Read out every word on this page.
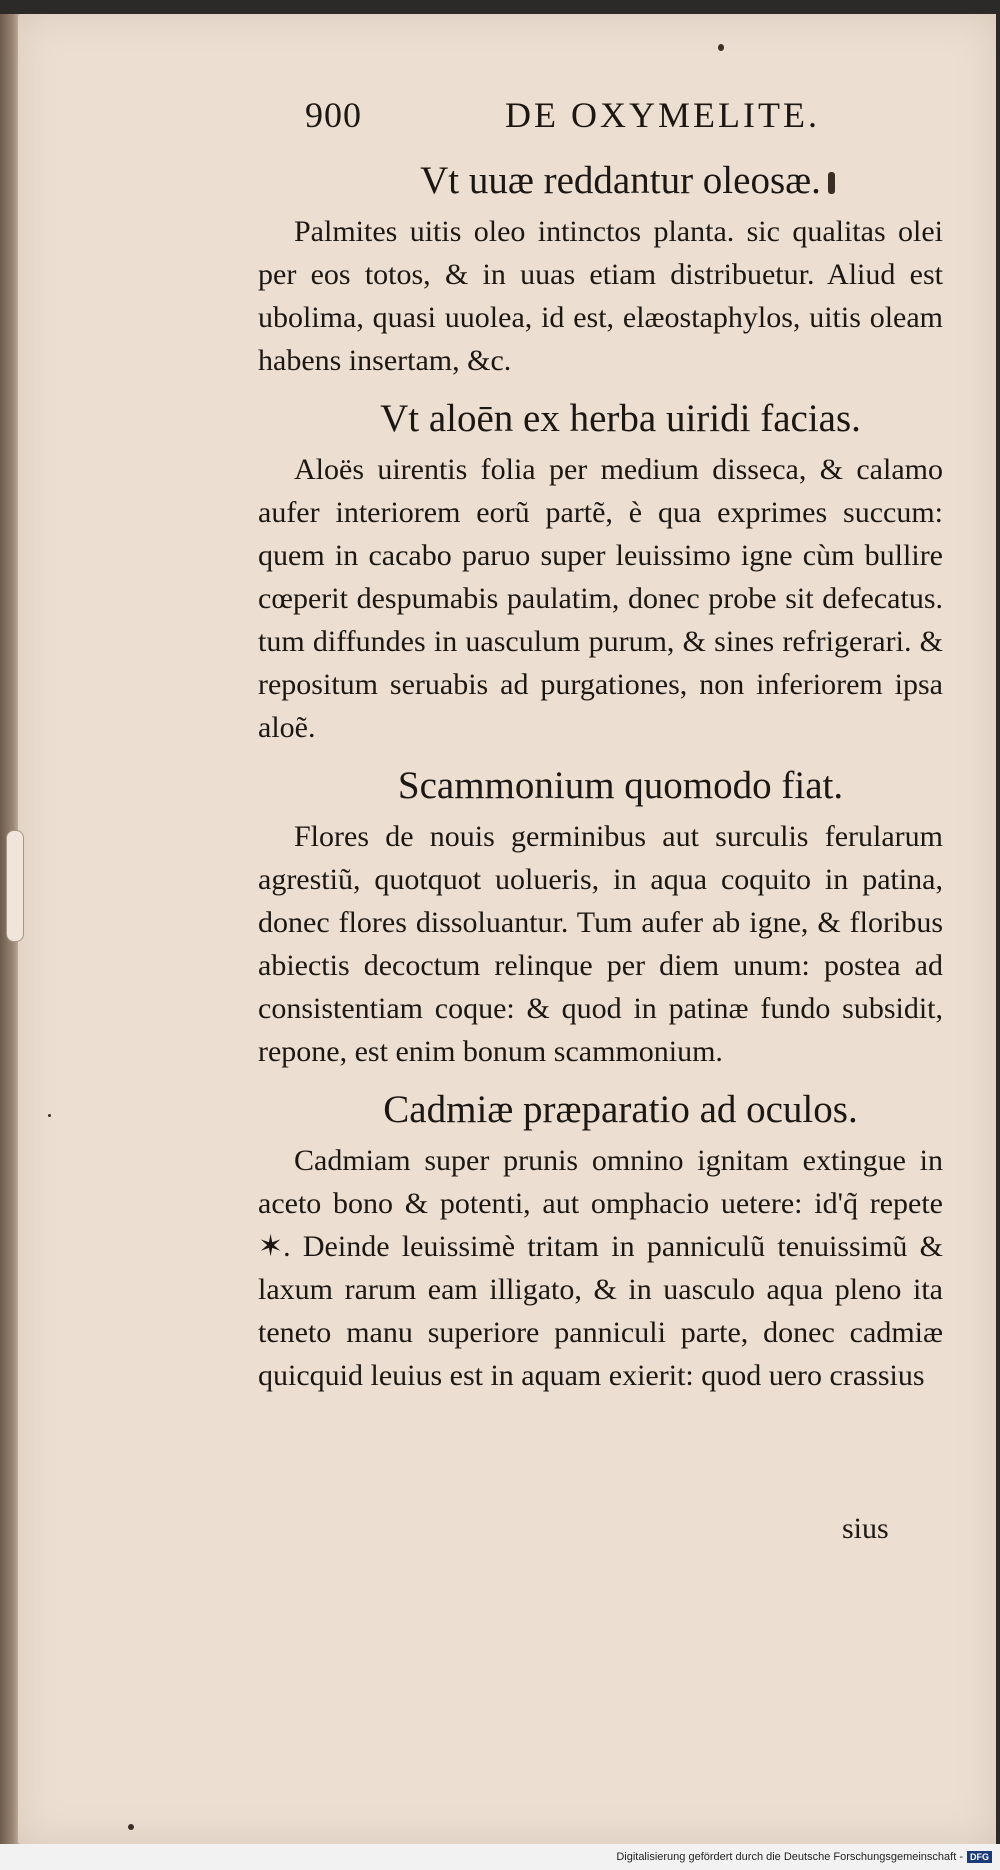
900	DE OXYMELITE.
Vt uuæ reddantur oleosæ.

Palmites uitis oleo intinctos planta. sic qualitas olei per eos totos, & in uuas etiam distribuetur. Aliud est ubolima, quasi uuolea, id est, elæostaphylos, uitis oleam habens insertam, &c.

Vt aloēn ex herba uiridi facias.

Aloës uirentis folia per medium disseca, & calamo aufer interiorem eorũ partẽ, è qua exprimes succum: quem in cacabo paruo super leuissimo igne cùm bullire cœperit despumabis paulatim, donec probe sit defecatus. tum diffundes in uasculum purum, & sines refrigerari. & repositum seruabis ad purgationes, non inferiorem ipsa aloẽ.

Scammonium quomodo fiat.

Flores de nouis germinibus aut surculis ferularum agrestiũ, quotquot uolueris, in aqua coquito in patina, donec flores dissoluantur. Tum aufer ab igne, & floribus abiectis decoctum relinque per diem unum: postea ad consistentiam coque: & quod in patinæ fundo subsidit, repone, est enim bonum scammonium.

Cadmiæ præparatio ad oculos.

Cadmiam super prunis omnino ignitam extingue in aceto bono & potenti, aut omphacio uetere: id'q̃ repete ✶. Deinde leuissimè tritam in panniculũ tenuissimũ & laxum rarum eam illigato, & in uasculo aqua pleno ita teneto manu superiore panniculi parte, donec cadmiæ quicquid leuius est in aquam exierit: quod uero crassius

sius
Digitalisierung gefördert durch die Deutsche Forschungsgemeinschaft - DFG
